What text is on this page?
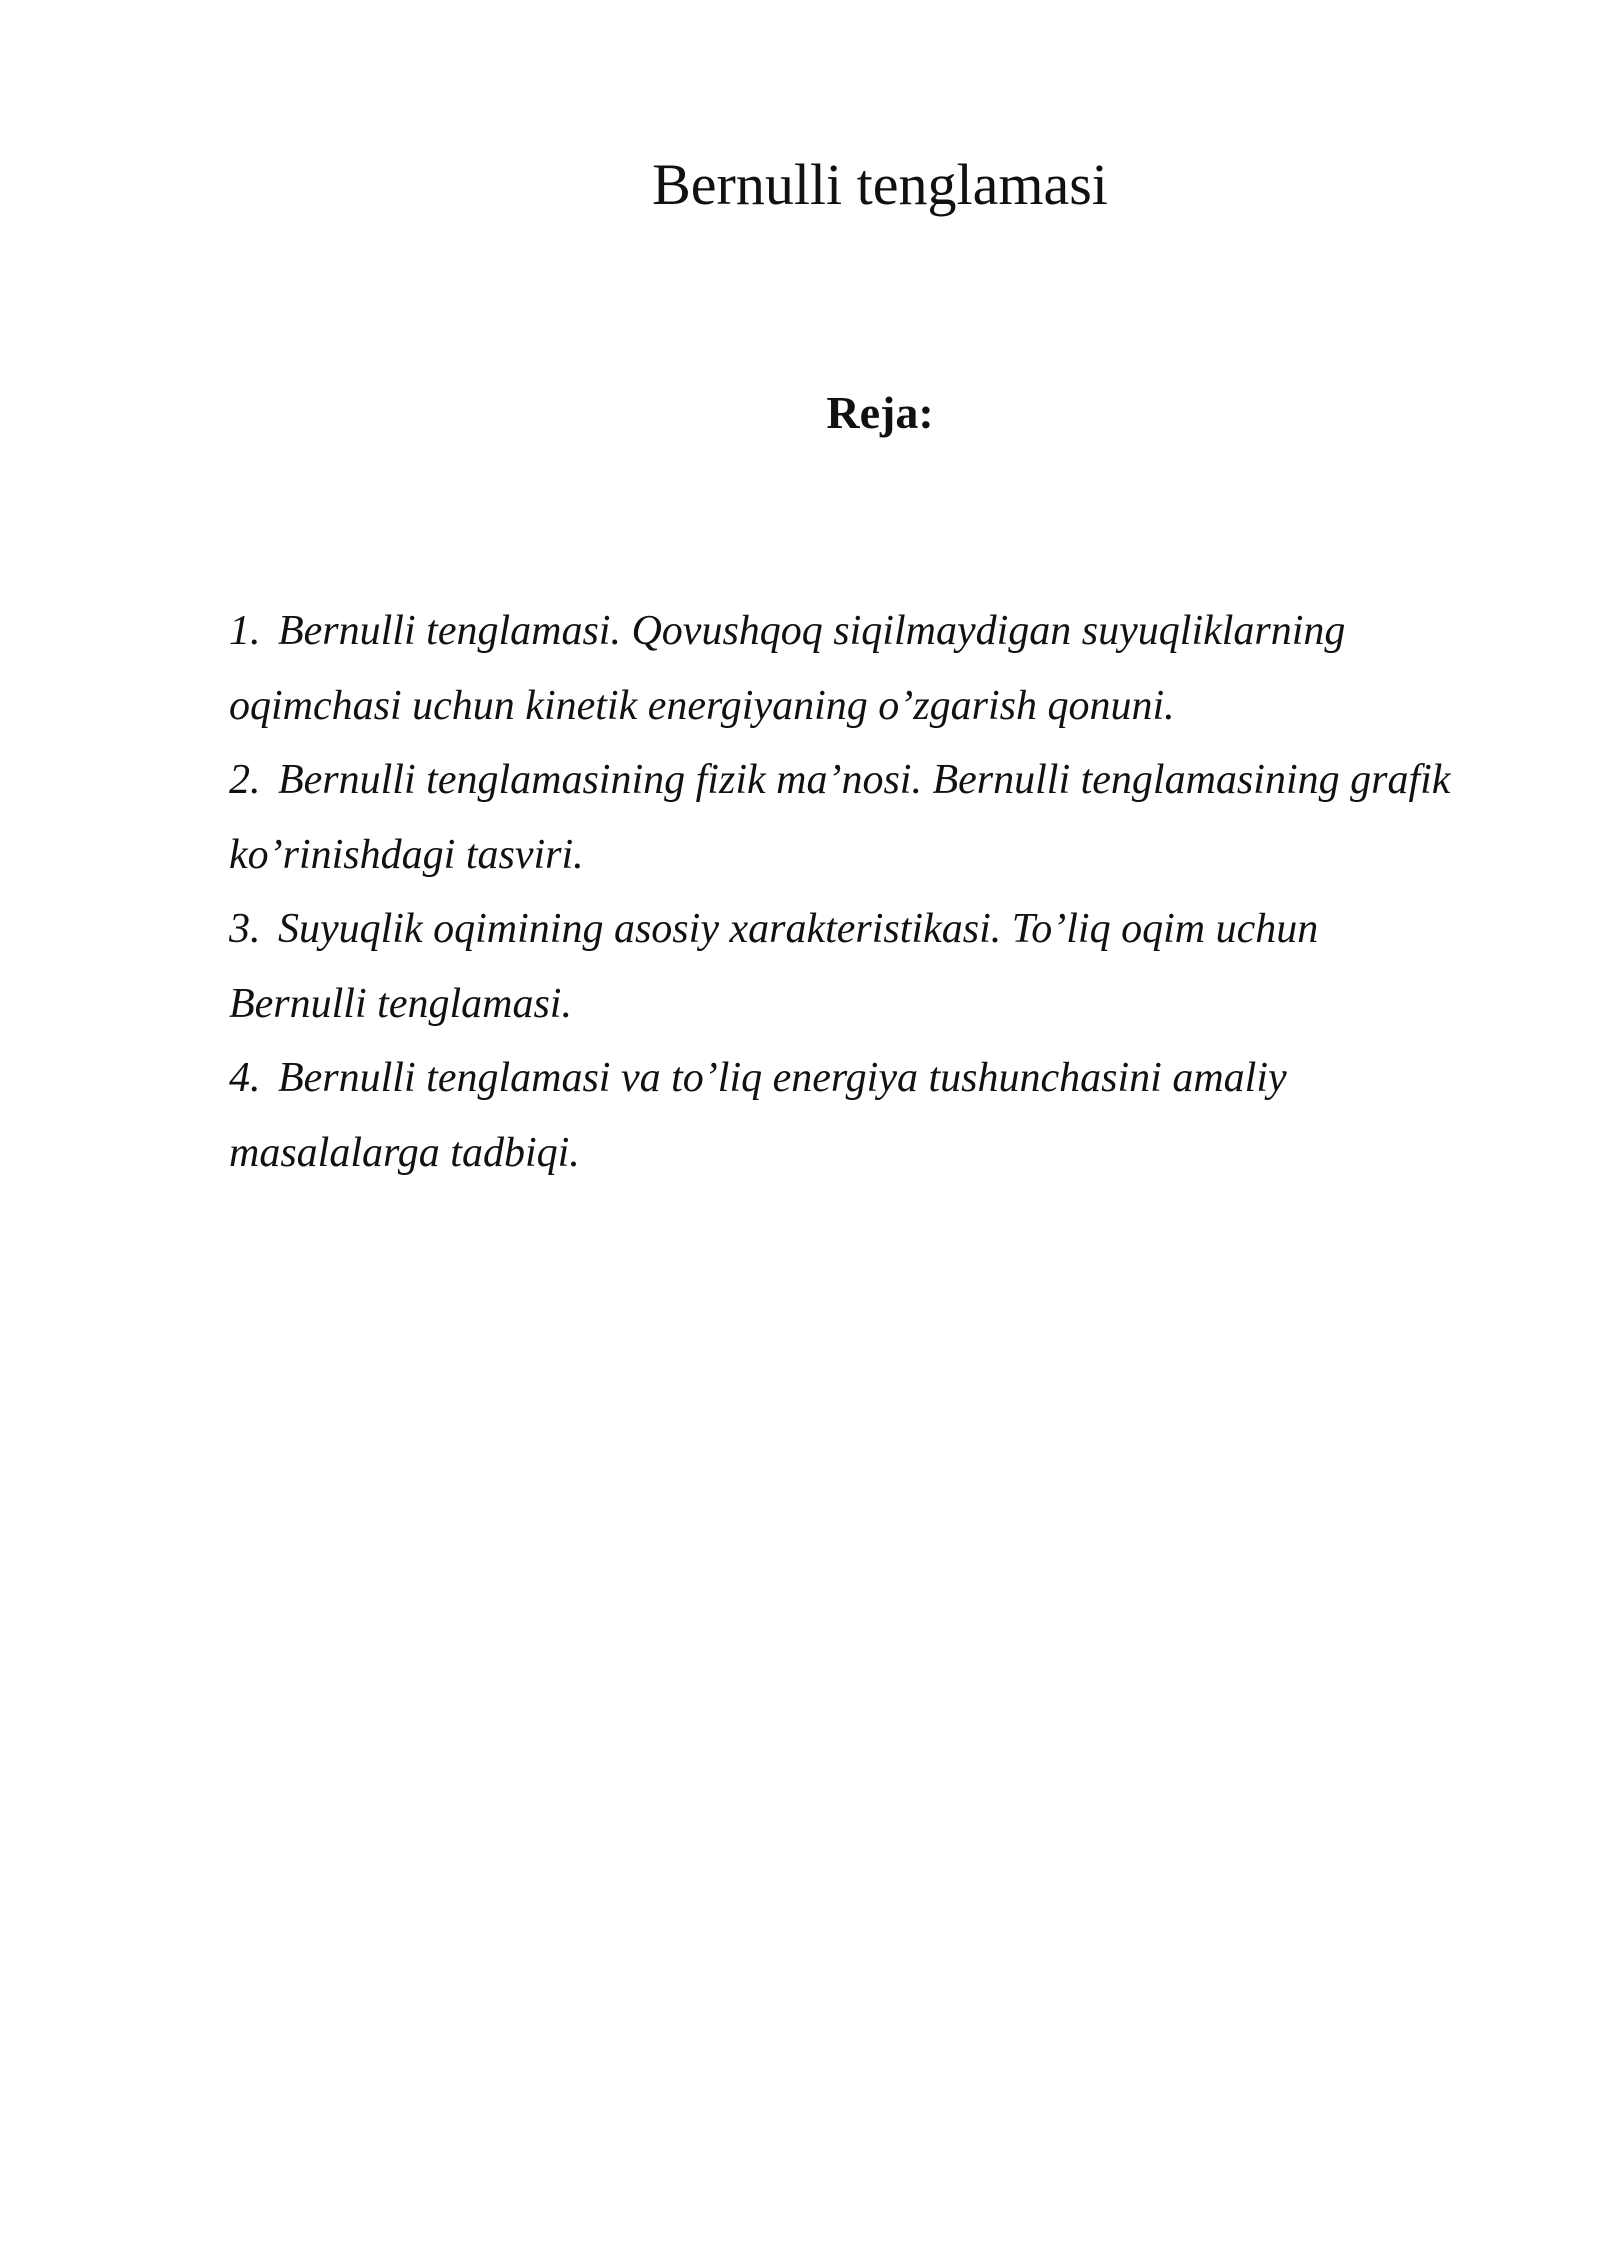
Bernulli tenglamasi
Reja:
1. Bernulli tenglamasi. Qovushqoq siqilmaydigan suyuqliklarning
oqimchasi uchun kinetik energiyaning o’zgarish qonuni.
2. Bernulli tenglamasining fizik ma’nosi. Bernulli tenglamasining grafik
ko’rinishdagi tasviri.
3. Suyuqlik oqimining asosiy xarakteristikasi. To’liq oqim uchun
Bernulli tenglamasi.
4. Bernulli tenglamasi va to’liq energiya tushunchasini amaliy
masalalarga tadbiqi.
